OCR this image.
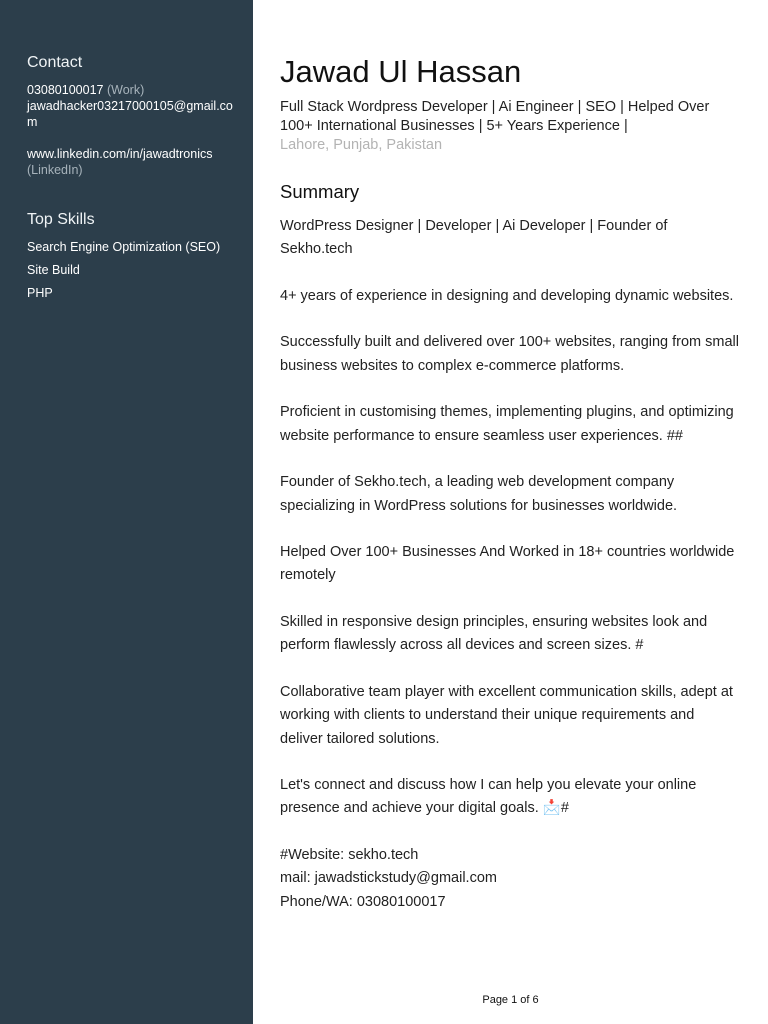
Contact
03080100017 (Work)
jawadhacker03217000105@gmail.com
www.linkedin.com/in/jawadtronics
(LinkedIn)
Top Skills
Search Engine Optimization (SEO)
Site Build
PHP
Jawad Ul Hassan
Full Stack Wordpress Developer | Ai Engineer | SEO | Helped Over 100+ International Businesses | 5+ Years Experience |
Lahore, Punjab, Pakistan
Summary

WordPress Designer | Developer | Ai Developer | Founder of Sekho.tech

4+ years of experience in designing and developing dynamic websites.

Successfully built and delivered over 100+ websites, ranging from small business websites to complex e-commerce platforms.

Proficient in customising themes, implementing plugins, and optimizing website performance to ensure seamless user experiences. ##

Founder of Sekho.tech, a leading web development company specializing in WordPress solutions for businesses worldwide.

Helped Over 100+ Businesses And Worked in 18+ countries worldwide remotely

Skilled in responsive design principles, ensuring websites look and perform flawlessly across all devices and screen sizes. #

Collaborative team player with excellent communication skills, adept at working with clients to understand their unique requirements and deliver tailored solutions.

Let's connect and discuss how I can help you elevate your online presence and achieve your digital goals. 📩#

#Website: sekho.tech
mail: jawadstickstudy@gmail.com
Phone/WA: 03080100017
Page 1 of 6
